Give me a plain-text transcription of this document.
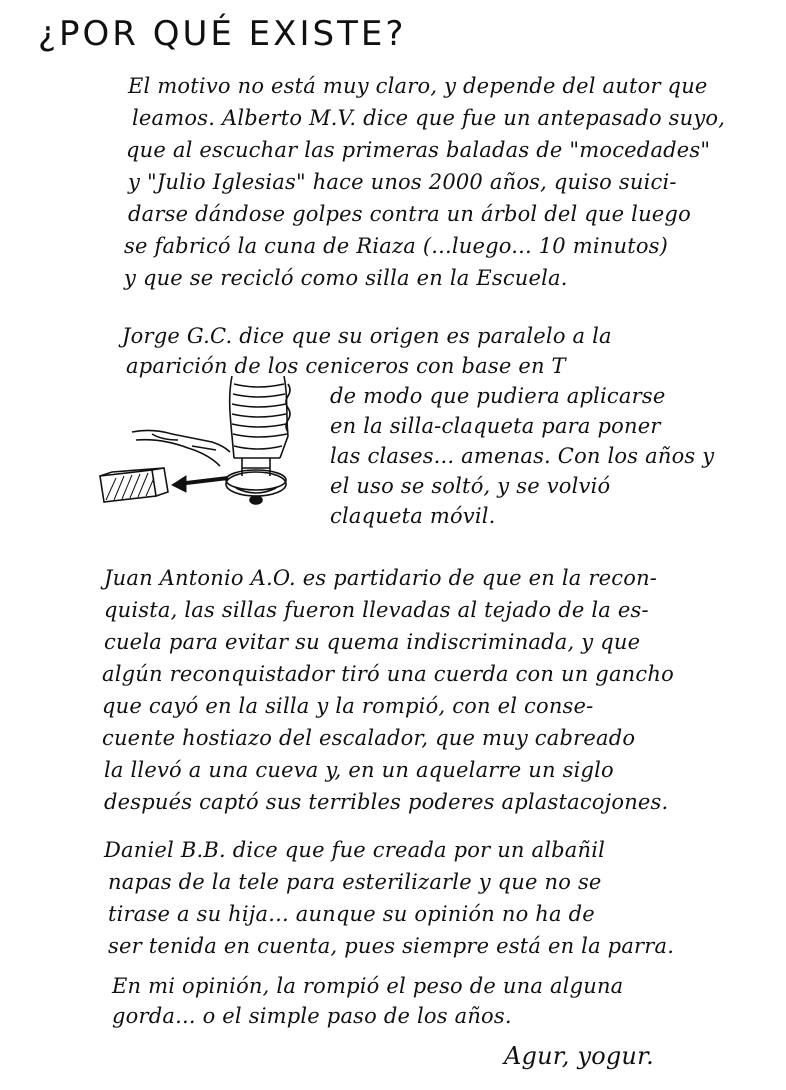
¿POR QUÉ EXISTE?

El motivo no está muy claro, y depende del autor que

leamos. Alberto M.V. dice que fue un antepasado suyo,

que al escuchar las primeras baladas de "mocedades"

y "Julio Iglesias" hace unos 2000 años, quiso suici-

darse dándose golpes contra un árbol del que luego

se fabricó la cuna de Riaza (...luego... 10 minutos)

y que se recicló como silla en la Escuela.

Jorge G.C. dice que su origen es paralelo a la

aparición de los ceniceros con base en T

de modo que pudiera aplicarse

en la silla-claqueta para poner

las clases... amenas. Con los años y

el uso se soltó, y se volvió

claqueta móvil.

Juan Antonio A.O. es partidario de que en la recon-

quista, las sillas fueron llevadas al tejado de la es-

cuela para evitar su quema indiscriminada, y que

algún reconquistador tiró una cuerda con un gancho

que cayó en la silla y la rompió, con el conse-

cuente hostiazo del escalador, que muy cabreado

la llevó a una cueva y, en un aquelarre un siglo

después captó sus terribles poderes aplastacojones.

Daniel B.B. dice que fue creada por un albañil

napas de la tele para esterilizarle y que no se

tirase a su hija... aunque su opinión no ha de

ser tenida en cuenta, pues siempre está en la parra.

En mi opinión, la rompió el peso de una alguna

gorda... o el simple paso de los años.

Agur, yogur.
